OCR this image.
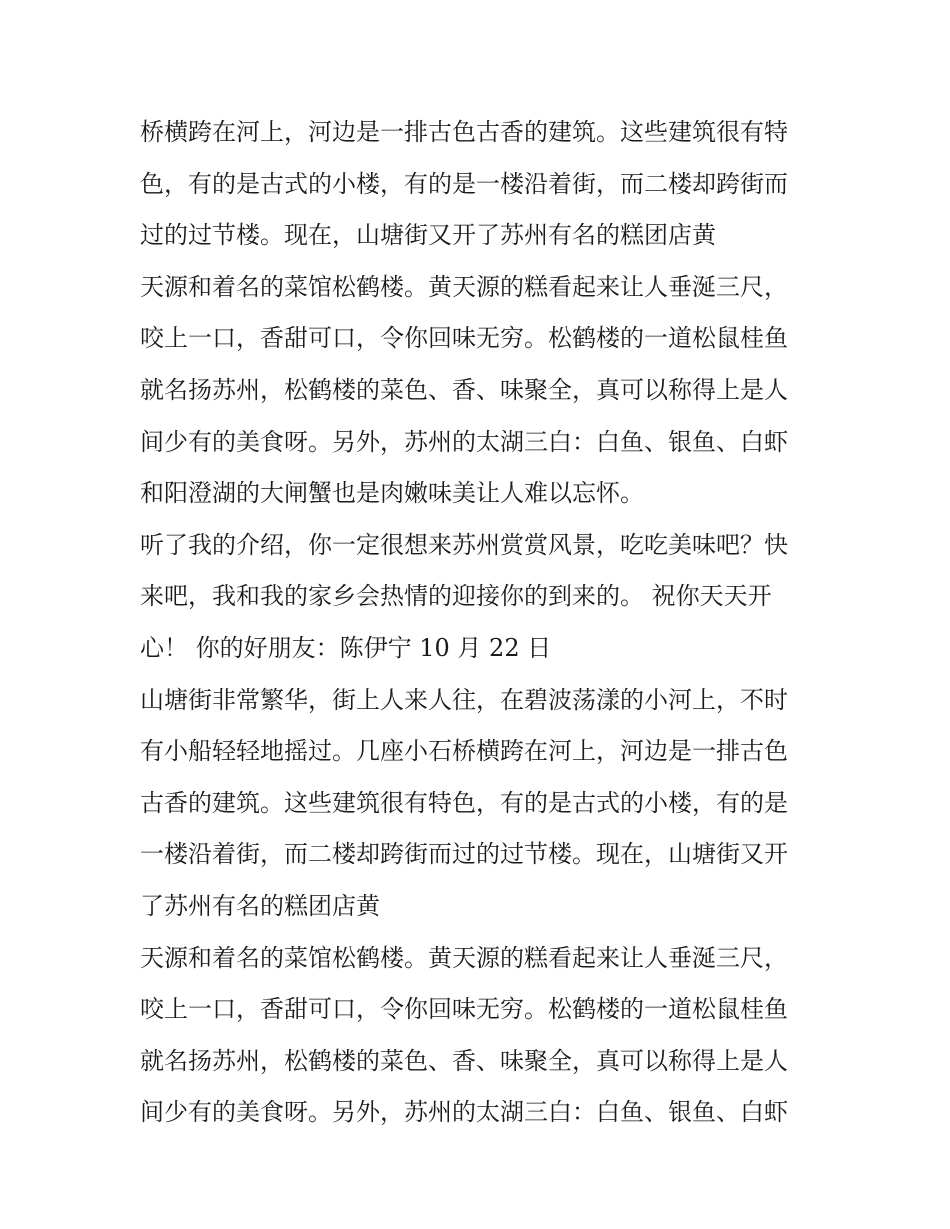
桥横跨在河上，河边是一排古色古香的建筑。这些建筑很有特
色，有的是古式的小楼，有的是一楼沿着街，而二楼却跨街而
过的过节楼。现在，山塘街又开了苏州有名的糕团店黄
天源和着名的菜馆松鹤楼。黄天源的糕看起来让人垂涎三尺，
咬上一口，香甜可口，令你回味无穷。松鹤楼的一道松鼠桂鱼
就名扬苏州，松鹤楼的菜色、香、味聚全，真可以称得上是人
间少有的美食呀。另外，苏州的太湖三白：白鱼、银鱼、白虾
和阳澄湖的大闸蟹也是肉嫩味美让人难以忘怀。
听了我的介绍，你一定很想来苏州赏赏风景，吃吃美味吧？快
来吧，我和我的家乡会热情的迎接你的到来的。 祝你天天开
心！ 你的好朋友：陈伊宁 10 月 22 日
山塘街非常繁华，街上人来人往，在碧波荡漾的小河上，不时
有小船轻轻地摇过。几座小石桥横跨在河上，河边是一排古色
古香的建筑。这些建筑很有特色，有的是古式的小楼，有的是
一楼沿着街，而二楼却跨街而过的过节楼。现在，山塘街又开
了苏州有名的糕团店黄
天源和着名的菜馆松鹤楼。黄天源的糕看起来让人垂涎三尺，
咬上一口，香甜可口，令你回味无穷。松鹤楼的一道松鼠桂鱼
就名扬苏州，松鹤楼的菜色、香、味聚全，真可以称得上是人
间少有的美食呀。另外，苏州的太湖三白：白鱼、银鱼、白虾
